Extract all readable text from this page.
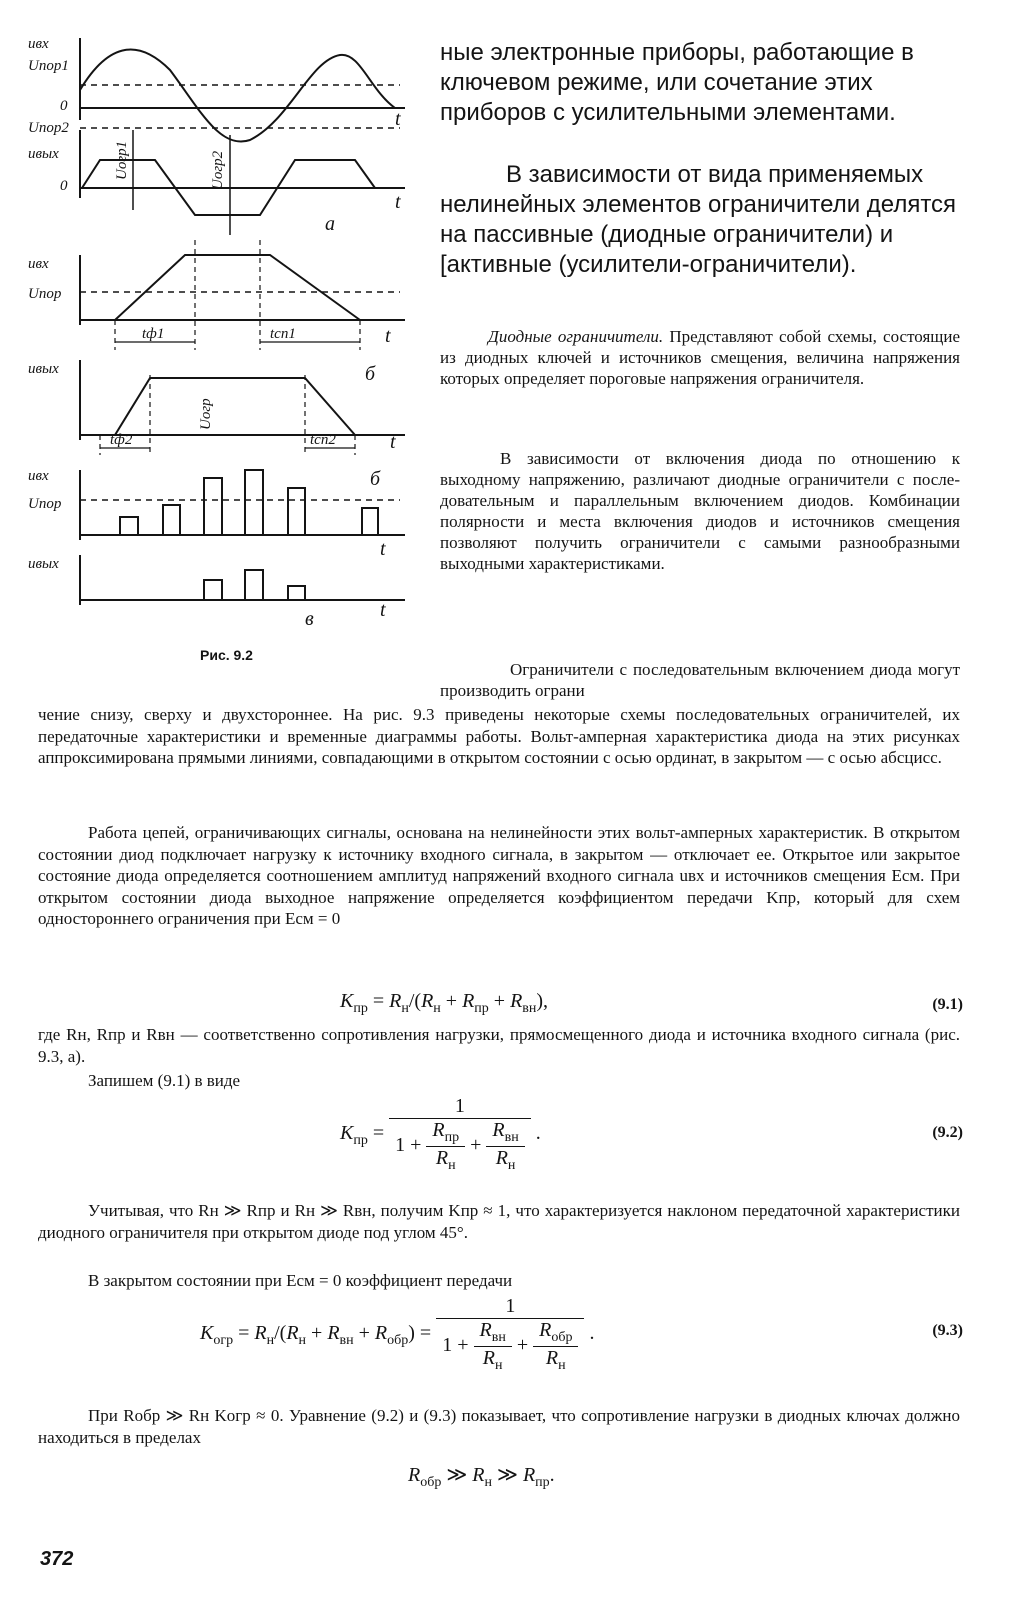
uвх
Uпор1
0
Uпор2
uвых
0
t
t
а
Uогр1	Uогр2
uвх
Uпор
t
tф1	tсп1
б
uвых
Uогр
tф2	tсп2	t
uвх
Uпор
б
t
uвых
t
в
Рис. 9.2

ные электронные приборы, работающие в ключевом режиме, или сочетание этих приборов с усилительными элементами.

В зависимости от вида применяемых нелинейных элементов ограничители делятся на пассивные (диодные ограничители) и [активные (усилители-ограничители).

Диодные ограничители. Представляют собой схемы, состоящие из диодных ключей и источников смещения, величина напряжения которых определяет пороговые напряжения ограничителя.

В зависимости от включения диода по отношению к выходному напряжению, различают диодные ограничители с последовательным и параллельным включением диодов. Комбинации полярности и места включения диодов и источников смещения позволяют получить ограничители с самыми разнообразными выходными характеристиками.

Ограничители с последовательным включением диода могут производить ограни

чение снизу, сверху и двухстороннее. На рис. 9.3 приведены некоторые схемы последовательных ограничителей, их передаточные характеристики и временные диаграммы работы. Вольт-амперная характеристика диода на этих рисунках аппроксимирована прямыми линиями, совпадающими в открытом состоянии с осью ординат, в закрытом — с осью абсцисс.

Работа цепей, ограничивающих сигналы, основана на нелинейности этих вольт-амперных характеристик. В открытом состоянии диод подключает нагрузку к источнику входного сигнала, в закрытом — отключает ее. Открытое или закрытое состояние диода определяется соотношением амплитуд напряжений входного сигнала uвх и источников смещения Eсм. При открытом состоянии диода выходное напряжение определяется коэффициентом передачи Kпр, который для схем одностороннего ограничения при Eсм = 0

$K_{пр} = R_н/(R_н + R_{пр} + R_{вн})$,	(9.1)

где Rн, Rпр и Rвн — соответственно сопротивления нагрузки, прямосмещенного диода и источника входного сигнала (рис. 9.3, а).

Запишем (9.1) в виде

$K_{пр} = \frac{1}{1 + \frac{R_{пр}}{R_н} + \frac{R_{вн}}{R_н}}$ .	(9.2)

Учитывая, что Rн ≫ Rпр и Rн ≫ Rвн, получим Kпр ≈ 1, что характеризуется наклоном передаточной характеристики диодного ограничителя при открытом диоде под углом 45°.

В закрытом состоянии при Eсм = 0 коэффициент передачи

$K_{огр} = R_н/(R_н + R_{вн} + R_{обр}) = \frac{1}{1 + \frac{R_{вн}}{R_н} + \frac{R_{обр}}{R_н}}$ .	(9.3)

При Rобр ≫ Rн Kогр ≈ 0. Уравнение (9.2) и (9.3) показывает, что сопротивление нагрузки в диодных ключах должно находиться в пределах

$R_{обр}$ ≫ $R_н$ ≫ $R_{пр}$.
372
